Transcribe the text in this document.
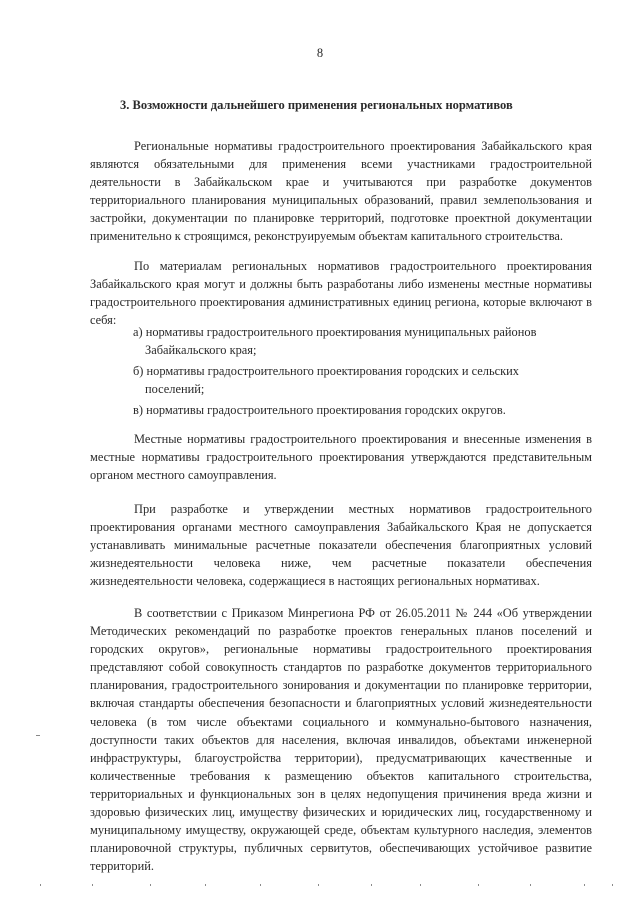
8
3. Возможности дальнейшего применения региональных нормативов

Региональные нормативы градостроительного проектирования Забайкальского края являются обязательными для применения всеми участниками градостроительной деятельности в Забайкальском крае и учитываются при разработке документов территориального планирования муниципальных образований, правил землепользования и застройки, документации по планировке территорий, подготовке проектной документации применительно к строящимся, реконструируемым объектам капитального строительства.

По материалам региональных нормативов градостроительного проектирования Забайкальского края могут и должны быть разработаны либо изменены местные нормативы градостроительного проектирования административных единиц региона, которые включают в себя:

а) нормативы градостроительного проектирования муниципальных районов Забайкальского края;
б) нормативы градостроительного проектирования городских и сельских поселений;
в) нормативы градостроительного проектирования городских округов.

Местные нормативы градостроительного проектирования и внесенные изменения в местные нормативы градостроительного проектирования утверждаются представительным органом местного самоуправления.

При разработке и утверждении местных нормативов градостроительного проектирования органами местного самоуправления Забайкальского Края не допускается устанавливать минимальные расчетные показатели обеспечения благоприятных условий жизнедеятельности человека ниже, чем расчетные показатели обеспечения жизнедеятельности человека, содержащиеся в настоящих региональных нормативах.

В соответствии с Приказом Минрегиона РФ от 26.05.2011 № 244 «Об утверждении Методических рекомендаций по разработке проектов генеральных планов поселений и городских округов», региональные нормативы градостроительного проектирования представляют собой совокупность стандартов по разработке документов территориального планирования, градостроительного зонирования и документации по планировке территории, включая стандарты обеспечения безопасности и благоприятных условий жизнедеятельности человека (в том числе объектами социального и коммунально-бытового назначения, доступности таких объектов для населения, включая инвалидов, объектами инженерной инфраструктуры, благоустройства территории), предусматривающих качественные и количественные требования к размещению объектов капитального строительства, территориальных и функциональных зон в целях недопущения причинения вреда жизни и здоровью физических лиц, имуществу физических и юридических лиц, государственному и муниципальному имуществу, окружающей среде, объектам культурного наследия, элементов планировочной структуры, публичных сервитутов, обеспечивающих устойчивое развитие территорий.
